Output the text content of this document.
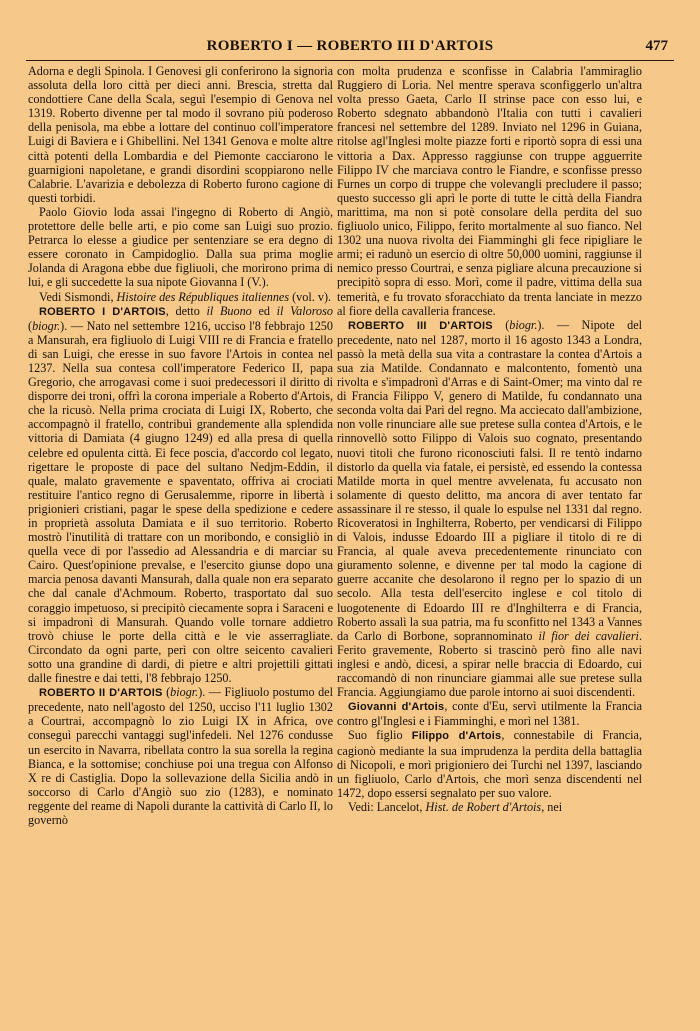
ROBERTO I — ROBERTO III D'ARTOIS	477

Adorna e degli Spinola. I Genovesi gli conferirono la signoria assoluta della loro città per dieci anni. Brescia, stretta dal condottiere Cane della Scala, seguì l'esempio di Genova nel 1319. Roberto divenne per tal modo il sovrano più poderoso della penisola, ma ebbe a lottare del continuo coll'imperatore Luigi di Baviera e i Ghibellini. Nel 1341 Genova e molte altre città potenti della Lombardia e del Piemonte cacciarono le guarnigioni napoletane, e grandi disordini scoppiarono nelle Calabrie. L'avarizia e debolezza di Roberto furono cagione di questi torbidi.

Paolo Giovio loda assai l'ingegno di Roberto di Angiò, protettore delle belle arti, e pio come san Luigi suo prozio. Petrarca lo elesse a giudice per sentenziare se era degno di essere coronato in Campidoglio. Dalla sua prima moglie Jolanda di Aragona ebbe due figliuoli, che morirono prima di lui, e gli succedette la sua nipote Giovanna I (V.).

Vedi Sismondi, Histoire des Républiques italiennes (vol. v).

ROBERTO I D'ARTOIS, detto il Buono ed il Valoroso (biogr.). — Nato nel settembre 1216, ucciso l'8 febbrajo 1250 a Mansurah, era figliuolo di Luigi VIII re di Francia e fratello di san Luigi, che eresse in suo favore l'Artois in contea nel 1237. Nella sua contesa coll'imperatore Federico II, papa Gregorio, che arrogavasi come i suoi predecessori il diritto di disporre dei troni, offrì la corona imperiale a Roberto d'Artois, che la ricusò. Nella prima crociata di Luigi IX, Roberto, che accompagnò il fratello, contribuì grandemente alla splendida vittoria di Damiata (4 giugno 1249) ed alla presa di quella celebre ed opulenta città. Ei fece poscia, d'accordo col legato, rigettare le proposte di pace del sultano Nedjm-Eddin, il quale, malato gravemente e spaventato, offriva ai crociati restituire l'antico regno di Gerusalemme, riporre in libertà i prigionieri cristiani, pagar le spese della spedizione e cedere in proprietà assoluta Damiata e il suo territorio. Roberto mostrò l'inutilità di trattare con un moribondo, e consigliò in quella vece di por l'assedio ad Alessandria e di marciar su Cairo. Quest'opinione prevalse, e l'esercito giunse dopo una marcia penosa davanti Mansurah, dalla quale non era separato che dal canale d'Achmoum. Roberto, trasportato dal suo coraggio impetuoso, si precipitò ciecamente sopra i Saraceni e si impadronì di Mansurah. Quando volle tornare addietro trovò chiuse le porte della città e le vie asserragliate. Circondato da ogni parte, perì con oltre seicento cavalieri sotto una grandine di dardi, di pietre e altri projettili gittati dalle finestre e dai tetti, l'8 febbrajo 1250.

ROBERTO II D'ARTOIS (biogr.). — Figliuolo postumo del precedente, nato nell'agosto del 1250, ucciso l'11 luglio 1302 a Courtrai, accompagnò lo zio Luigi IX in Africa, ove conseguì parecchi vantaggi sugl'infedeli. Nel 1276 condusse un esercito in Navarra, ribellata contro la sua sorella la regina Bianca, e la sottomise; conchiuse poi una tregua con Alfonso X re di Castiglia. Dopo la sollevazione della Sicilia andò in soccorso di Carlo d'Angiò suo zio (1283), e nominato reggente del reame di Napoli durante la cattività di Carlo II, lo governò

con molta prudenza e sconfisse in Calabria l'ammiraglio Ruggiero di Loria. Nel mentre sperava sconfiggerlo un'altra volta presso Gaeta, Carlo II strinse pace con esso lui, e Roberto sdegnato abbandonò l'Italia con tutti i cavalieri francesi nel settembre del 1289. Inviato nel 1296 in Guiana, ritolse agl'Inglesi molte piazze forti e riportò sopra di essi una vittoria a Dax. Appresso raggiunse con truppe agguerrite Filippo IV che marciava contro le Fiandre, e sconfisse presso Furnes un corpo di truppe che volevangli precludere il passo; questo successo gli aprì le porte di tutte le città della Fiandra marittima, ma non si potè consolare della perdita del suo figliuolo unico, Filippo, ferito mortalmente al suo fianco. Nel 1302 una nuova rivolta dei Fiamminghi gli fece ripigliare le armi; ei radunò un esercio di oltre 50,000 uomini, raggiunse il nemico presso Courtrai, e senza pigliare alcuna precauzione si precipitò sopra di esso. Morì, come il padre, vittima della sua temerità, e fu trovato sforacchiato da trenta lanciate in mezzo al fiore della cavalleria francese.

ROBERTO III D'ARTOIS (biogr.). — Nipote del precedente, nato nel 1287, morto il 16 agosto 1343 a Londra, passò la metà della sua vita a contrastare la contea d'Artois a sua zia Matilde. Condannato e malcontento, fomentò una rivolta e s'impadronì d'Arras e di Saint-Omer; ma vinto dal re di Francia Filippo V, genero di Matilde, fu condannato una seconda volta dai Pari del regno. Ma acciecato dall'ambizione, non volle rinunciare alle sue pretese sulla contea d'Artois, e le rinnovellò sotto Filippo di Valois suo cognato, presentando nuovi titoli che furono riconosciuti falsi. Il re tentò indarno distorlo da quella via fatale, ei persistè, ed essendo la contessa Matilde morta in quel mentre avvelenata, fu accusato non solamente di questo delitto, ma ancora di aver tentato far assassinare il re stesso, il quale lo espulse nel 1331 dal regno. Ricoveratosi in Inghilterra, Roberto, per vendicarsi di Filippo di Valois, indusse Edoardo III a pigliare il titolo di re di Francia, al quale aveva precedentemente rinunciato con giuramento solenne, e divenne per tal modo la cagione di guerre accanite che desolarono il regno per lo spazio di un secolo. Alla testa dell'esercito inglese e col titolo di luogotenente di Edoardo III re d'Inghilterra e di Francia, Roberto assalì la sua patria, ma fu sconfitto nel 1343 a Vannes da Carlo di Borbone, soprannominato il fior dei cavalieri. Ferito gravemente, Roberto si trascinò però fino alle navi inglesi e andò, dicesi, a spirar nelle braccia di Edoardo, cui raccomandò di non rinunciare giammai alle sue pretese sulla Francia. Aggiungiamo due parole intorno ai suoi discendenti.

Giovanni d'Artois, conte d'Eu, servì utilmente la Francia contro gl'Inglesi e i Fiamminghi, e morì nel 1381.

Suo figlio Filippo d'Artois, connestabile di Francia, cagionò mediante la sua imprudenza la perdita della battaglia di Nicopoli, e morì prigioniero dei Turchi nel 1397, lasciando un figliuolo, Carlo d'Artois, che morì senza discendenti nel 1472, dopo essersi segnalato per suo valore.

Vedi: Lancelot, Hist. de Robert d'Artois, nei
